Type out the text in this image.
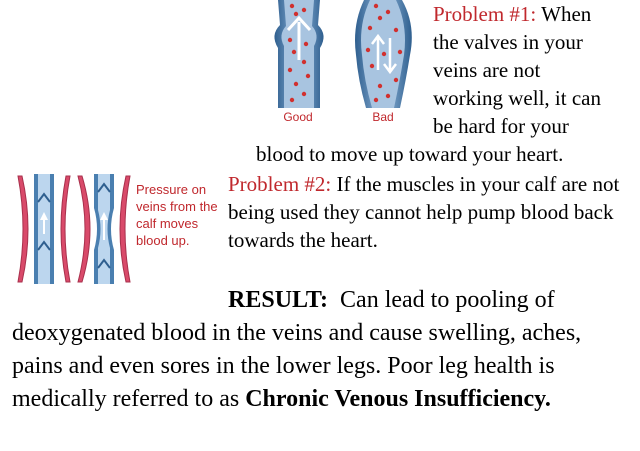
Good	Bad
Problem #1: When
the valves in your
veins are not
working well, it can
be hard for your
blood to move up toward your heart.
Pressure on veins from the calf moves blood up.
Problem #2: If the muscles in your calf are not being used they cannot help pump blood back towards the heart.
RESULT: Can lead to pooling of deoxygenated blood in the veins and cause swelling, aches, pains and even sores in the lower legs. Poor leg health is medically referred to as Chronic Venous Insufficiency.
